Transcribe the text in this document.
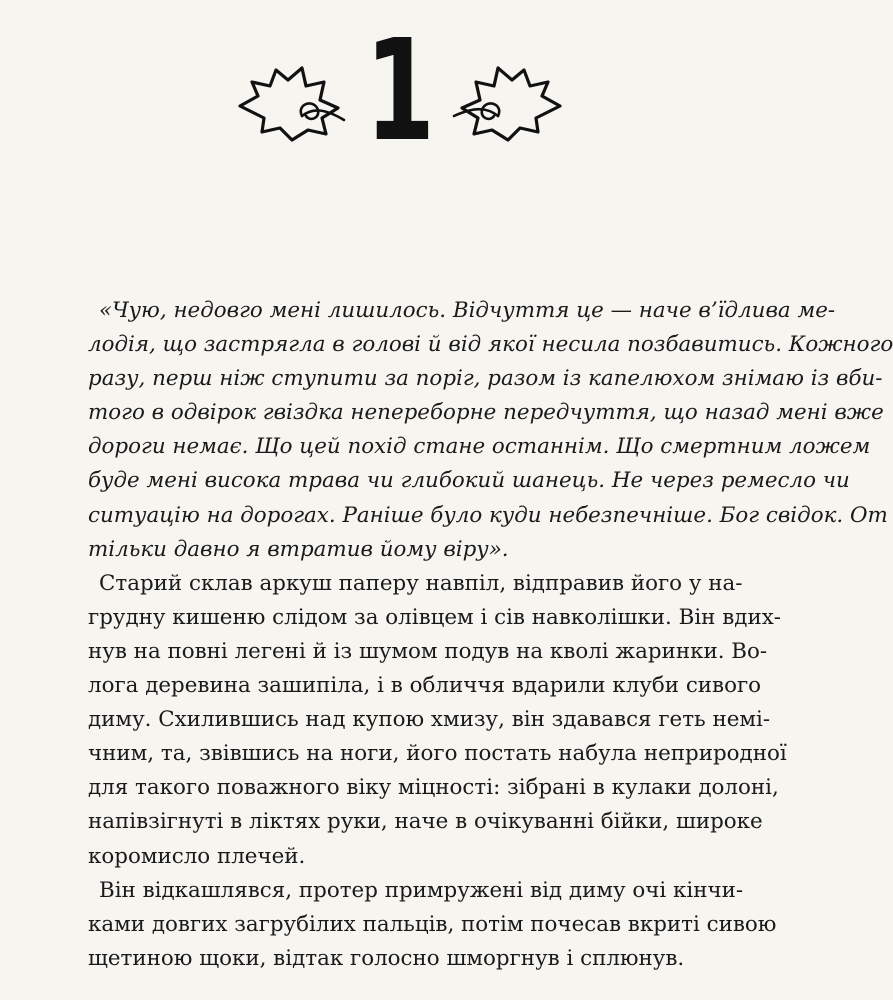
1
«Чую, недовго мені лишилось. Відчуття це — наче в’їдлива ме-
лодія, що застрягла в голові й від якої несила позбавитись. Кожного
разу, перш ніж ступити за поріг, разом із капелюхом знімаю із вби-
того в одвірок гвіздка непереборне передчуття, що назад мені вже
дороги немає. Що цей похід стане останнім. Що смертним ложем
буде мені висока трава чи глибокий шанець. Не через ремесло чи
ситуацію на дорогах. Раніше було куди небезпечніше. Бог свідок. От
тільки давно я втратив йому віру».
Старий склав аркуш паперу навпіл, відправив його у на-
грудну кишеню слідом за олівцем і сів навколішки. Він вдих-
нув на повні легені й із шумом подув на кволі жаринки. Во-
лога деревина зашипіла, і в обличчя вдарили клуби сивого
диму. Схилившись над купою хмизу, він здавався геть немі-
чним, та, звівшись на ноги, його постать набула неприродної
для такого поважного віку міцності: зібрані в кулаки долоні,
напівзігнуті в ліктях руки, наче в очікуванні бійки, широке
коромисло плечей.
Він відкашлявся, протер примружені від диму очі кінчи-
ками довгих загрубілих пальців, потім почесав вкриті сивою
щетиною щоки, відтак голосно шморгнув і сплюнув.
